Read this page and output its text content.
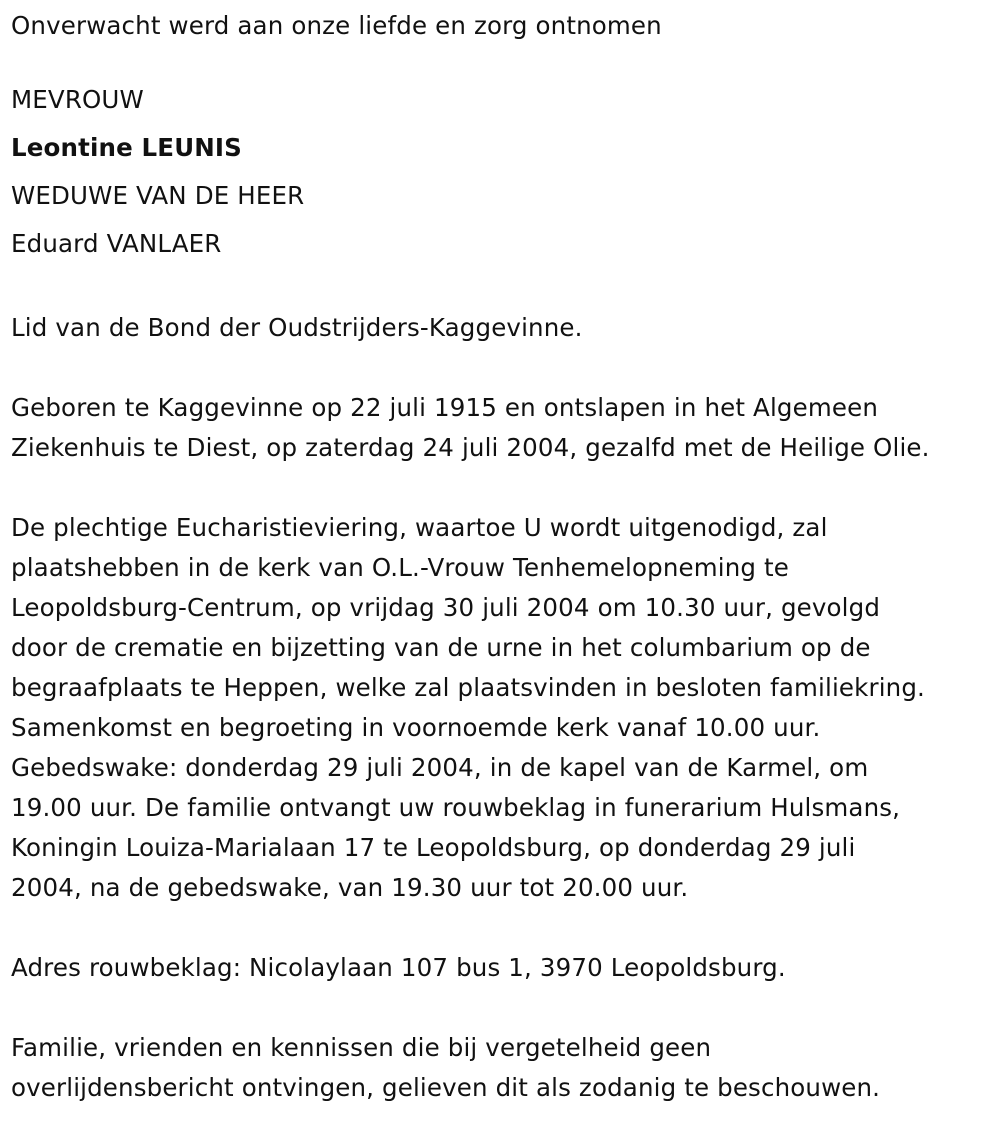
Onverwacht werd aan onze liefde en zorg ontnomen
MEVROUW
Leontine LEUNIS
WEDUWE VAN DE HEER
Eduard VANLAER
Lid van de Bond der Oudstrijders-Kaggevinne.
Geboren te Kaggevinne op 22 juli 1915 en ontslapen in het Algemeen
Ziekenhuis te Diest, op zaterdag 24 juli 2004, gezalfd met de Heilige Olie.
De plechtige Eucharistieviering, waartoe U wordt uitgenodigd, zal
plaatshebben in de kerk van O.L.-Vrouw Tenhemelopneming te
Leopoldsburg-Centrum, op vrijdag 30 juli 2004 om 10.30 uur, gevolgd
door de crematie en bijzetting van de urne in het columbarium op de
begraafplaats te Heppen, welke zal plaatsvinden in besloten familiekring.
Samenkomst en begroeting in voornoemde kerk vanaf 10.00 uur.
Gebedswake: donderdag 29 juli 2004, in de kapel van de Karmel, om
19.00 uur. De familie ontvangt uw rouwbeklag in funerarium Hulsmans,
Koningin Louiza-Marialaan 17 te Leopoldsburg, op donderdag 29 juli
2004, na de gebedswake, van 19.30 uur tot 20.00 uur.
Adres rouwbeklag: Nicolaylaan 107 bus 1, 3970 Leopoldsburg.
Familie, vrienden en kennissen die bij vergetelheid geen
overlijdensbericht ontvingen, gelieven dit als zodanig te beschouwen.
